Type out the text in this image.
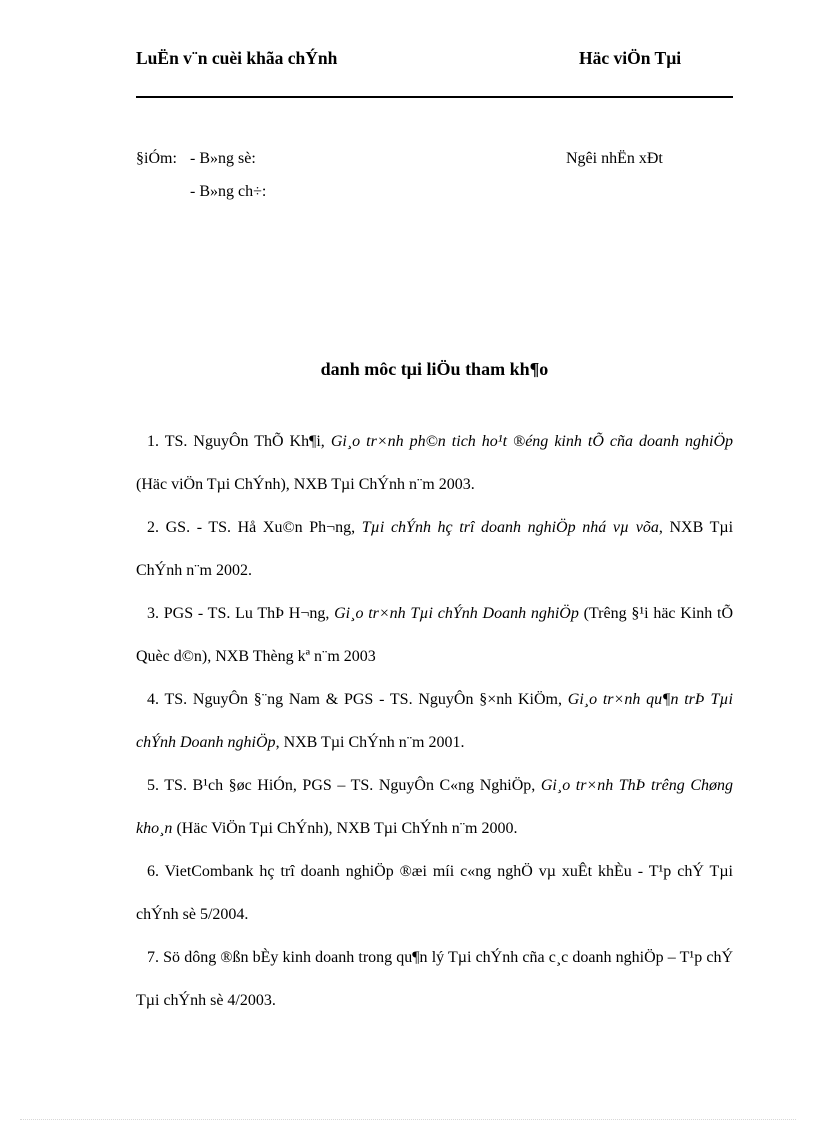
LuËn v¨n cuèi khãa chÝnh	Häc viÖn Tµi
§iÓm: - B»ng sè:
- B»ng ch÷:
Ngêi nhËn xÐt
danh môc tµi liÖu tham kh¶o

1. TS. NguyÔn ThÕ Kh¶i, Gi¸o tr×nh ph©n tich ho¹t ®éng kinh tÕ cña doanh nghiÖp (Häc viÖn Tµi ChÝnh), NXB Tµi ChÝnh n¨m 2003.

2. GS. - TS. Hå Xu©n Ph¬ng, Tµi chÝnh hç trî doanh nghiÖp nhá vµ võa, NXB Tµi ChÝnh n¨m 2002.

3. PGS - TS. Lu ThÞ H¬ng, Gi¸o tr×nh Tµi chÝnh Doanh nghiÖp (Trêng §¹i häc Kinh tÕ Quèc d©n), NXB Thèng kª n¨m 2003

4. TS. NguyÔn §¨ng Nam & PGS - TS. NguyÔn §×nh KiÖm, Gi¸o tr×nh qu¶n trÞ Tµi chÝnh Doanh nghiÖp, NXB Tµi ChÝnh n¨m 2001.

5. TS. B¹ch §øc HiÓn, PGS – TS. NguyÔn C«ng NghiÖp, Gi¸o tr×nh ThÞ trêng Chøng kho¸n (Häc ViÖn Tµi ChÝnh), NXB Tµi ChÝnh n¨m 2000.

6. VietCombank hç trî doanh nghiÖp ®æi míi c«ng nghÖ vµ xuÊt khÈu - T¹p chÝ Tµi chÝnh sè 5/2004.

7. Sö dông ®ßn bÈy kinh doanh trong qu¶n lý Tµi chÝnh cña c¸c doanh nghiÖp – T¹p chÝ Tµi chÝnh sè 4/2003.
